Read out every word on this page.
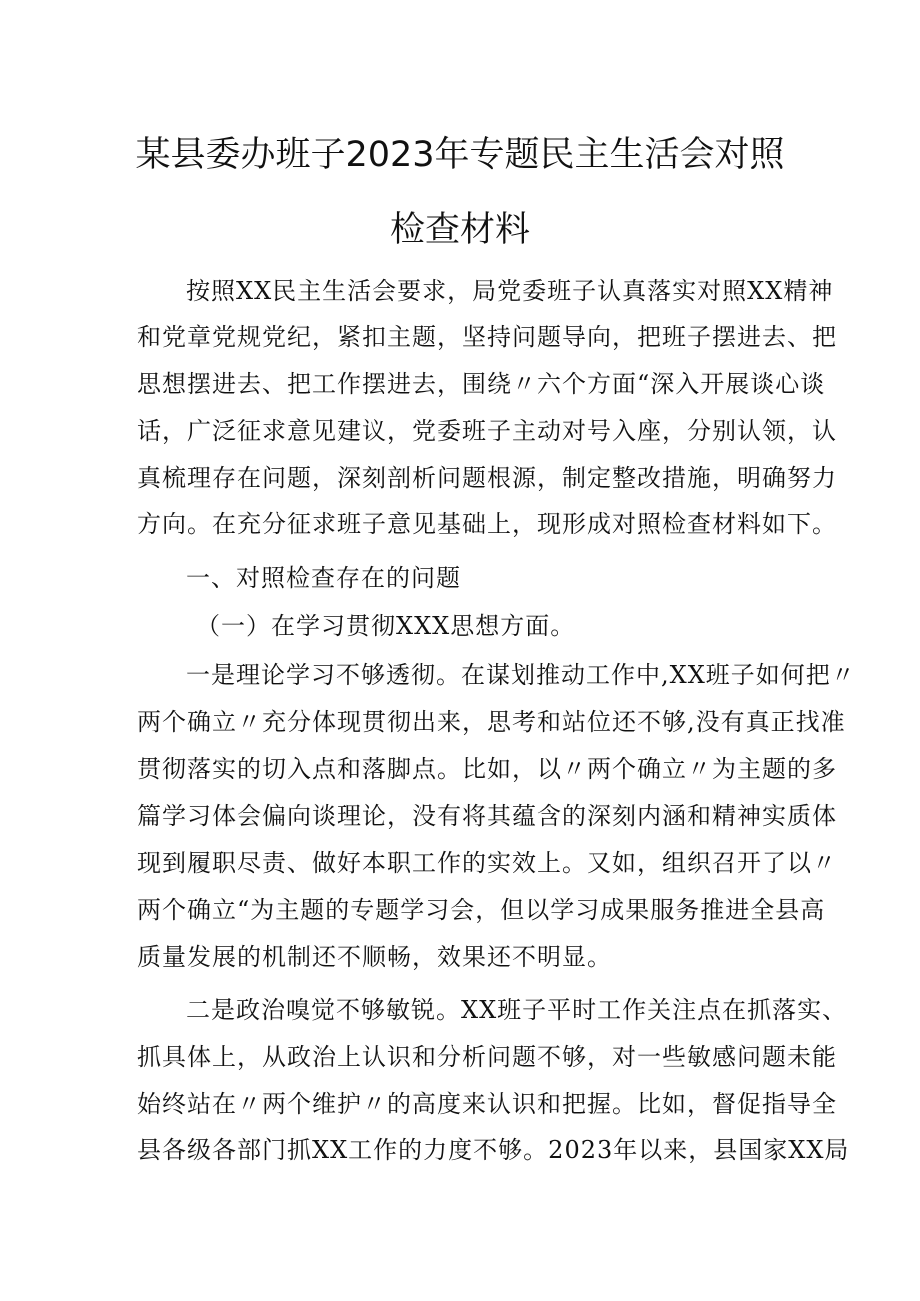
某县委办班子2023年专题民主生活会对照
检查材料
按照XX民主生活会要求，局党委班子认真落实对照XX精神
和党章党规党纪，紧扣主题，坚持问题导向，把班子摆进去、把
思想摆进去、把工作摆进去，围绕〃六个方面“深入开展谈心谈
话，广泛征求意见建议，党委班子主动对号入座，分别认领，认
真梳理存在问题，深刻剖析问题根源，制定整改措施，明确努力
方向。在充分征求班子意见基础上，现形成对照检查材料如下。
一、对照检查存在的问题
（一）在学习贯彻XXX思想方面。
一是理论学习不够透彻。在谋划推动工作中,XX班子如何把〃
两个确立〃充分体现贯彻出来，思考和站位还不够,没有真正找准
贯彻落实的切入点和落脚点。比如，以〃两个确立〃为主题的多
篇学习体会偏向谈理论，没有将其蕴含的深刻内涵和精神实质体
现到履职尽责、做好本职工作的实效上。又如，组织召开了以〃
两个确立“为主题的专题学习会，但以学习成果服务推进全县高
质量发展的机制还不顺畅，效果还不明显。
二是政治嗅觉不够敏锐。XX班子平时工作关注点在抓落实、
抓具体上，从政治上认识和分析问题不够，对一些敏感问题未能
始终站在〃两个维护〃的高度来认识和把握。比如，督促指导全
县各级各部门抓XX工作的力度不够。2023年以来，县国家XX局
